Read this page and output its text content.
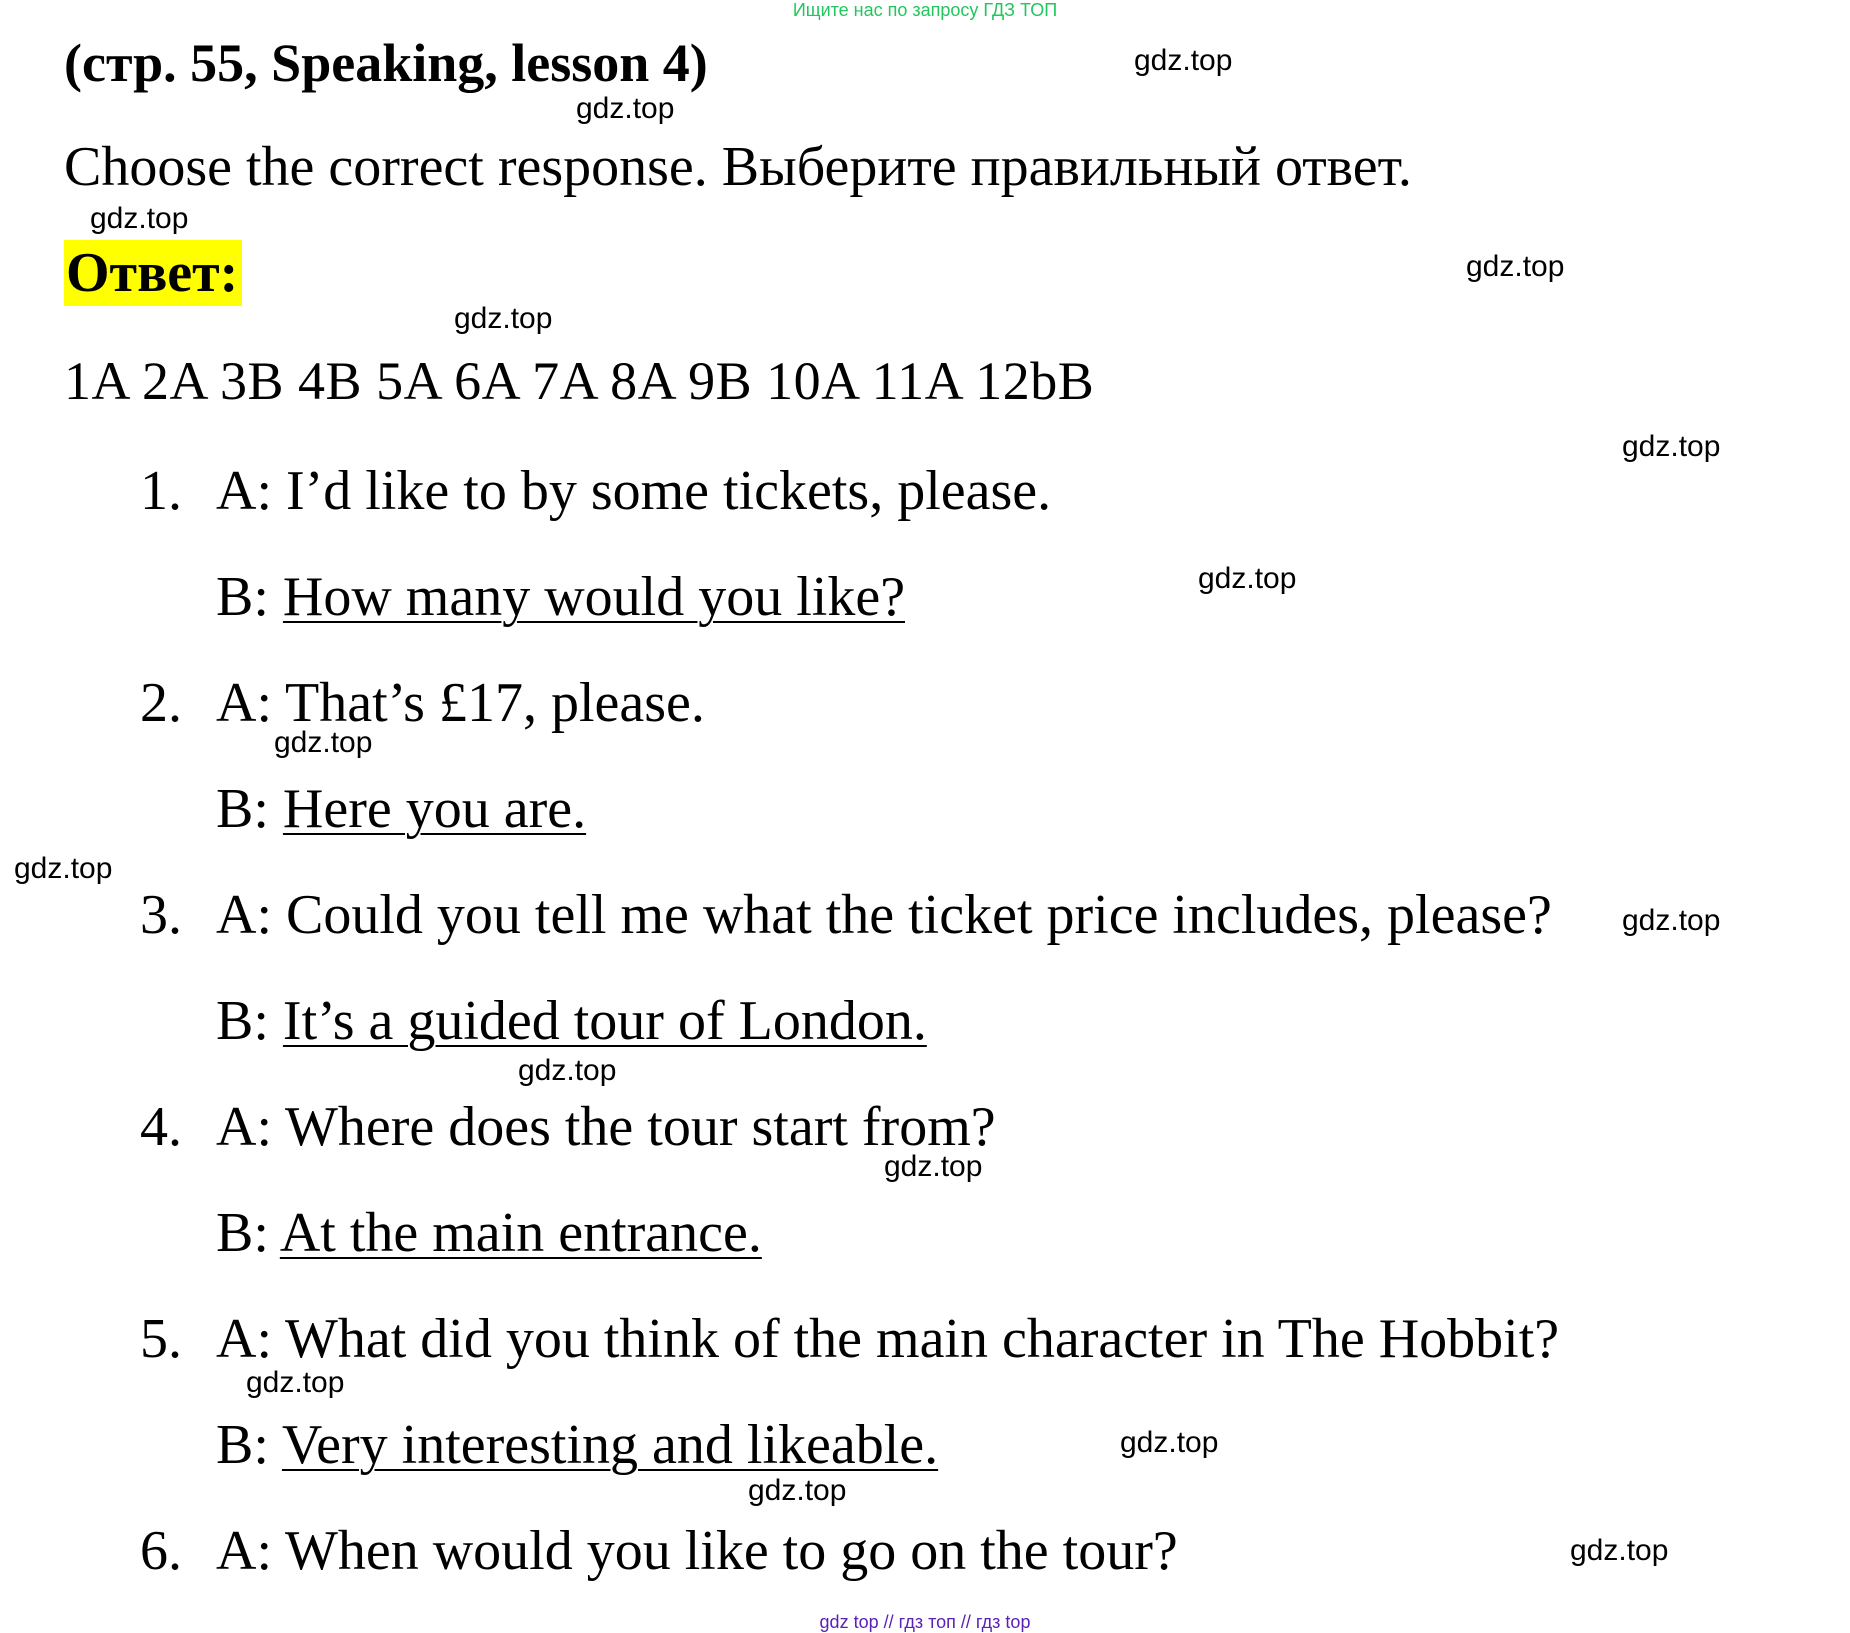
Ищите нас по запросу ГДЗ ТОП
(стр. 55, Speaking, lesson 4)
Choose the correct response. Выберите правильный ответ.
Ответ:
1A 2A 3B 4B 5A 6A 7A 8A 9B 10A 11A 12bB
1. A: I’d like to by some tickets, please.
B: How many would you like?
2. A: That’s £17, please.
B: Here you are.
3. A: Could you tell me what the ticket price includes, please?
B: It’s a guided tour of London.
4. A: Where does the tour start from?
B: At the main entrance.
5. A: What did you think of the main character in The Hobbit?
B: Very interesting and likeable.
6. A: When would you like to go on the tour?
gdz.top
gdz.top
gdz.top
gdz.top
gdz.top
gdz.top
gdz.top
gdz.top
gdz.top
gdz.top
gdz.top
gdz.top
gdz.top
gdz.top
gdz.top
gdz.top
gdz top // гдз топ // гдз top
